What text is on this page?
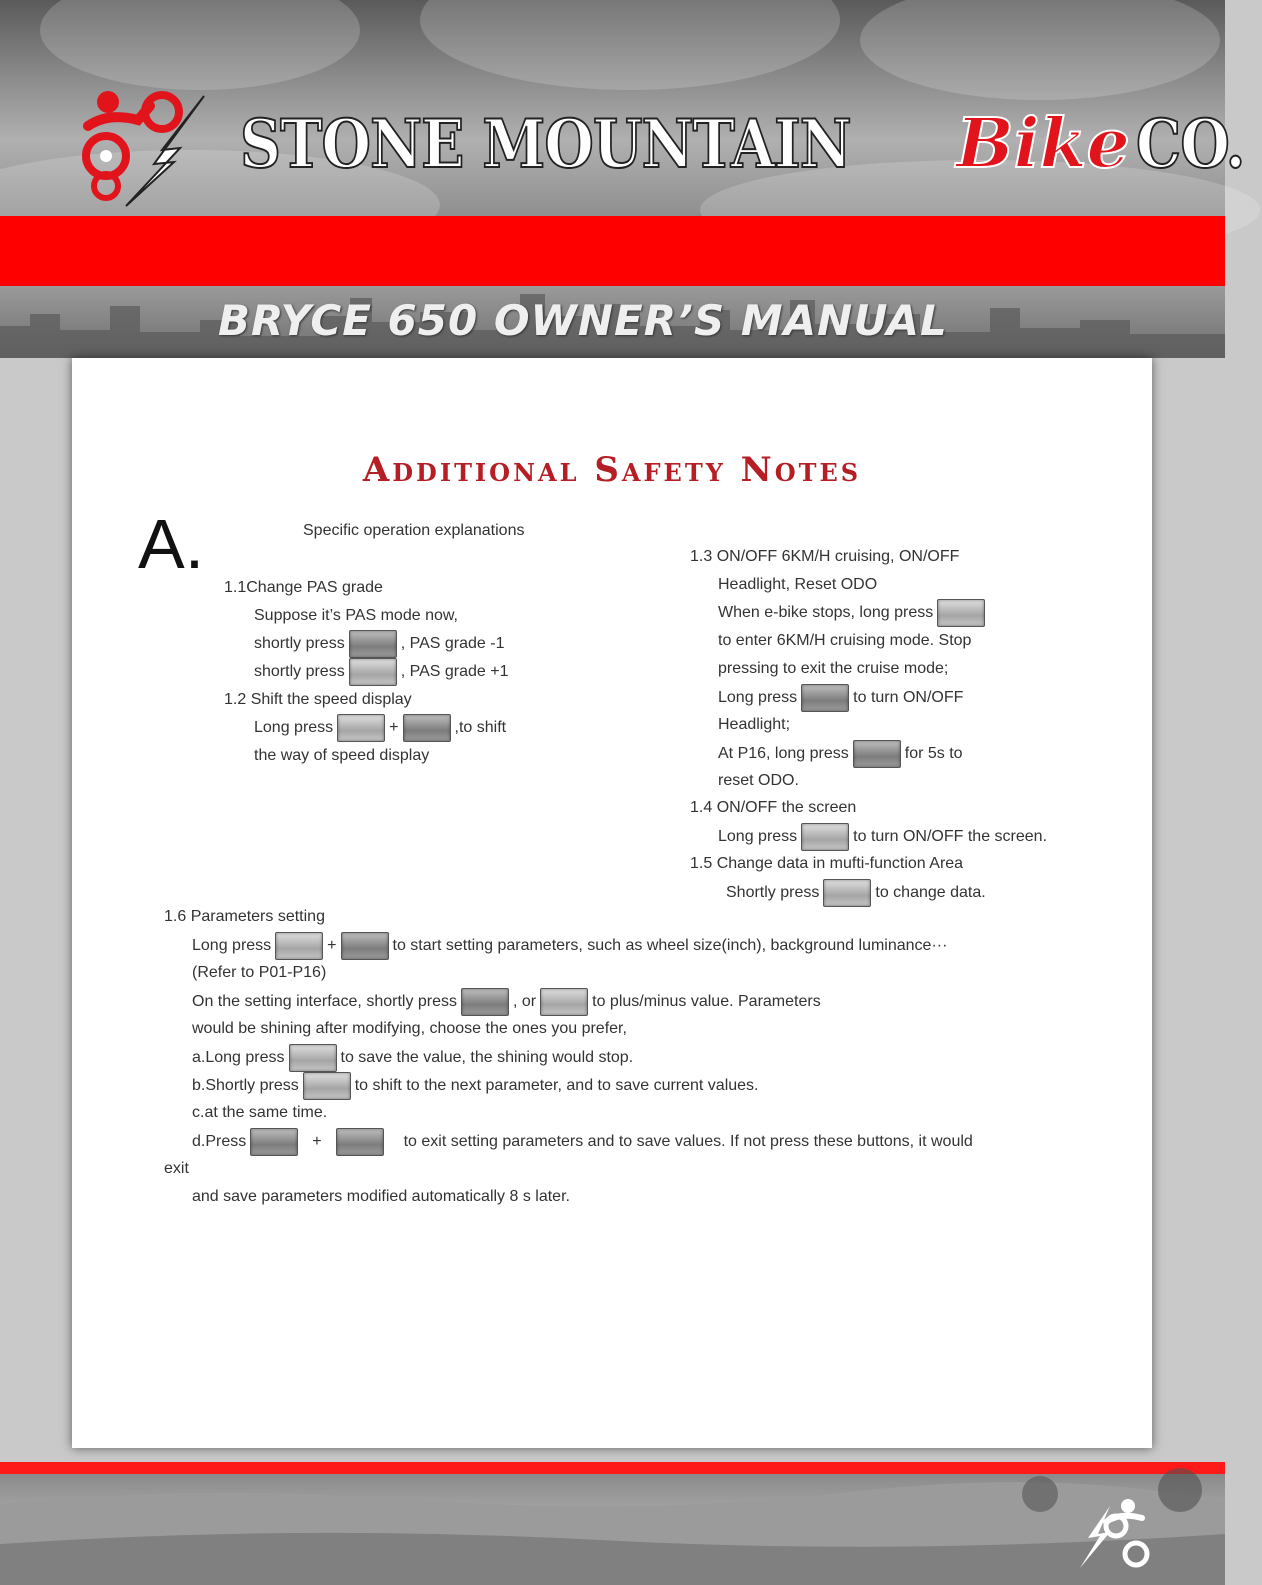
STONE MOUNTAIN Bike CO.
BRYCE 650 OWNER’S MANUAL
Additional Safety Notes
A.	Specific operation explanations
1.1Change PAS grade
Suppose it’s PAS mode now,
shortly press	, PAS grade -1
shortly press	, PAS grade +1
1.2 Shift the speed display
Long press	+	,to shift
the way of speed display
1.3 ON/OFF 6KM/H cruising, ON/OFF
Headlight, Reset ODO
When e-bike stops, long press
to enter 6KM/H cruising mode. Stop
pressing to exit the cruise mode;
Long press	to turn ON/OFF
Headlight;
At P16, long press	for 5s to
reset ODO.
1.4 ON/OFF the screen
Long press	to turn ON/OFF the screen.
1.5 Change data in mufti-function Area
Shortly press	to change data.
1.6 Parameters setting
Long press	+	to start setting parameters, such as wheel size(inch), background luminance···
(Refer to P01-P16)
On the setting interface, shortly press	, or	to plus/minus value. Parameters
would be shining after modifying, choose the ones you prefer,
a.Long press	to save the value, the shining would stop.
b.Shortly press	to shift to the next parameter, and to save current values.
c.at the same time.
d.Press	+	to exit setting parameters and to save values. If not press these buttons, it would
exit
and save parameters modified automatically 8 s later.
